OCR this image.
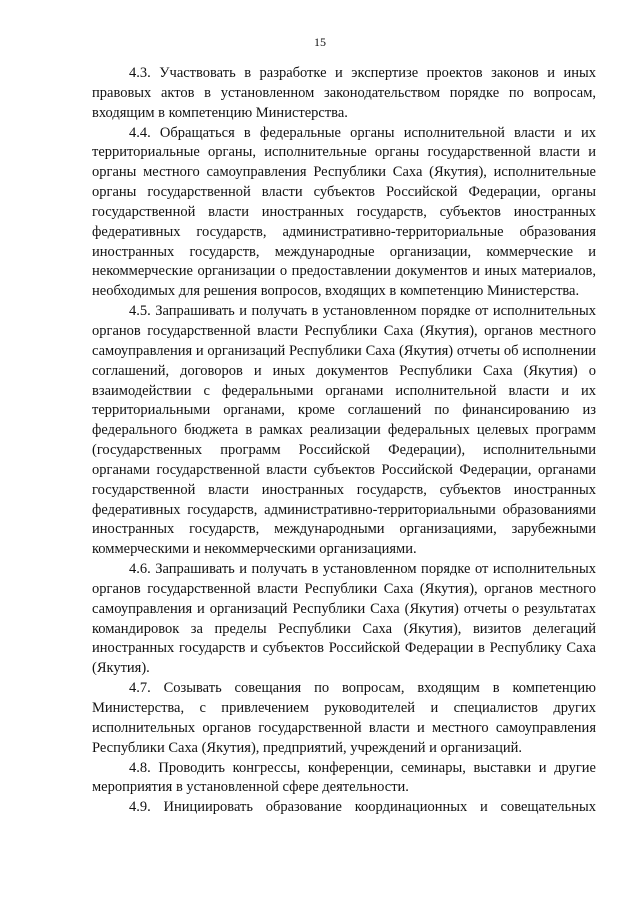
15

4.3. Участвовать в разработке и экспертизе проектов законов и иных правовых актов в установленном законодательством порядке по вопросам, входящим в компетенцию Министерства.

4.4. Обращаться в федеральные органы исполнительной власти и их территориальные органы, исполнительные органы государственной власти и органы местного самоуправления Республики Саха (Якутия), исполнительные органы государственной власти субъектов Российской Федерации, органы государственной власти иностранных государств, субъектов иностранных федеративных государств, административно-территориальные образования иностранных государств, международные организации, коммерческие и некоммерческие организации о предоставлении документов и иных материалов, необходимых для решения вопросов, входящих в компетенцию Министерства.

4.5. Запрашивать и получать в установленном порядке от исполнительных органов государственной власти Республики Саха (Якутия), органов местного самоуправления и организаций Республики Саха (Якутия) отчеты об исполнении соглашений, договоров и иных документов Республики Саха (Якутия) о взаимодействии с федеральными органами исполнительной власти и их территориальными органами, кроме соглашений по финансированию из федерального бюджета в рамках реализации федеральных целевых программ (государственных программ Российской Федерации), исполнительными органами государственной власти субъектов Российской Федерации, органами государственной власти иностранных государств, субъектов иностранных федеративных государств, административно-территориальными образованиями иностранных государств, международными организациями, зарубежными коммерческими и некоммерческими организациями.

4.6. Запрашивать и получать в установленном порядке от исполнительных органов государственной власти Республики Саха (Якутия), органов местного самоуправления и организаций Республики Саха (Якутия) отчеты о результатах командировок за пределы Республики Саха (Якутия), визитов делегаций иностранных государств и субъектов Российской Федерации в Республику Саха (Якутия).

4.7. Созывать совещания по вопросам, входящим в компетенцию Министерства, с привлечением руководителей и специалистов других исполнительных органов государственной власти и местного самоуправления Республики Саха (Якутия), предприятий, учреждений и организаций.

4.8. Проводить конгрессы, конференции, семинары, выставки и другие мероприятия в установленной сфере деятельности.

4.9. Инициировать образование координационных и совещательных
